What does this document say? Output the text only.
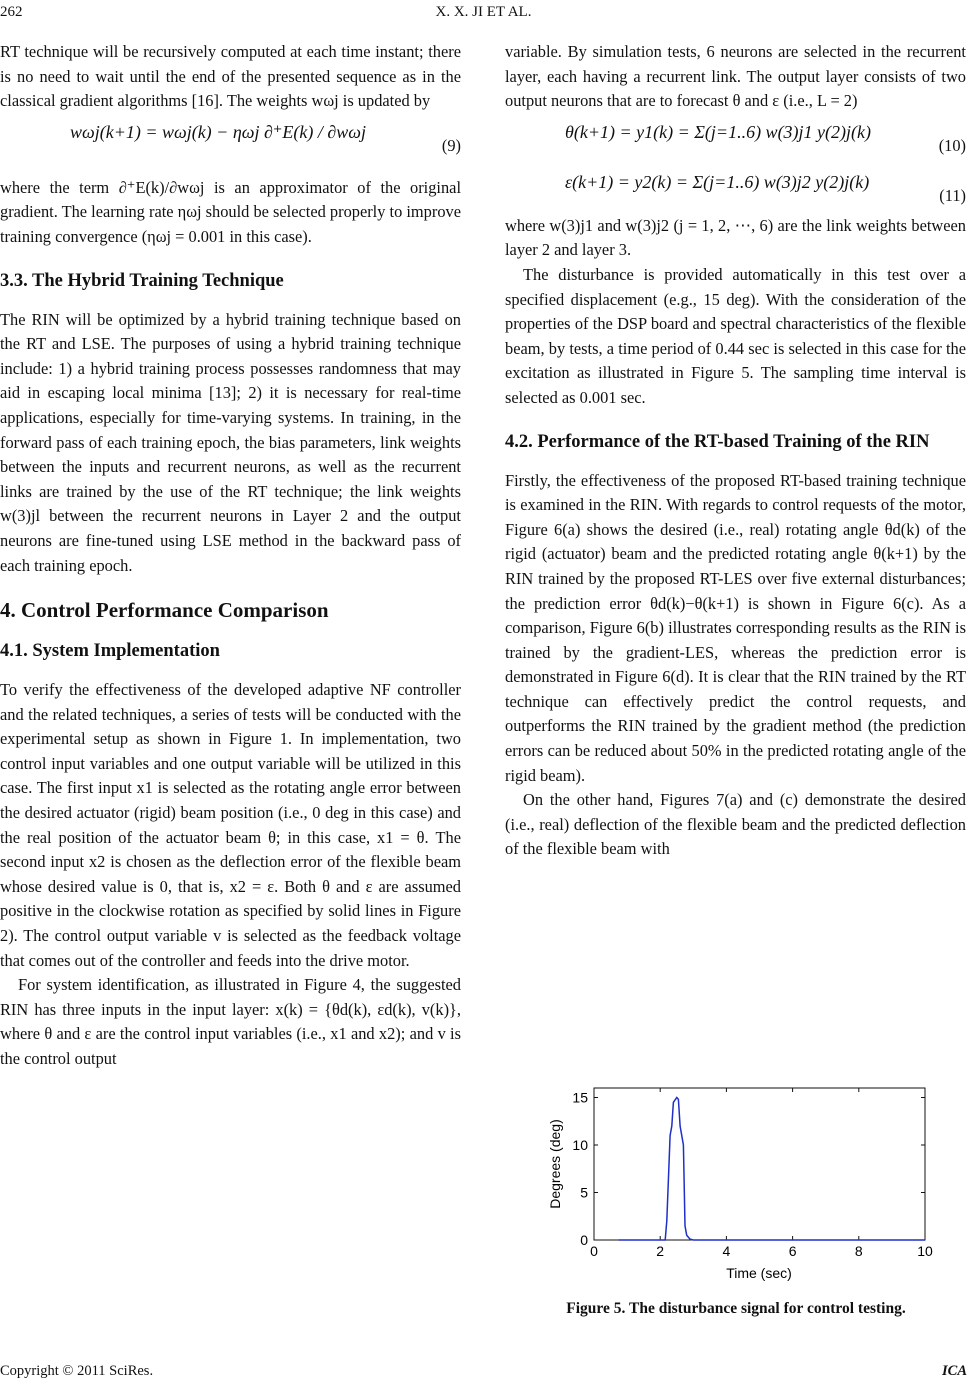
262	X. X. JI ET AL.

RT technique will be recursively computed at each time instant; there is no need to wait until the end of the presented sequence as in the classical gradient algorithms [16]. The weights wωj is updated by

wωj(k+1) = wωj(k) − ηωj ∂⁺E(k) / ∂wωj
(9)

where the term ∂⁺E(k)/∂wωj is an approximator of the original gradient. The learning rate ηωj should be selected properly to improve training convergence (ηωj = 0.001 in this case).

3.3. The Hybrid Training Technique

The RIN will be optimized by a hybrid training technique based on the RT and LSE. The purposes of using a hybrid training technique include: 1) a hybrid training process possesses randomness that may aid in escaping local minima [13]; 2) it is necessary for real-time applications, especially for time-varying systems. In training, in the forward pass of each training epoch, the bias parameters, link weights between the inputs and recurrent neurons, as well as the recurrent links are trained by the use of the RT technique; the link weights w(3)jl between the recurrent neurons in Layer 2 and the output neurons are fine-tuned using LSE method in the backward pass of each training epoch.

4. Control Performance Comparison
4.1. System Implementation

To verify the effectiveness of the developed adaptive NF controller and the related techniques, a series of tests will be conducted with the experimental setup as shown in Figure 1. In implementation, two control input variables and one output variable will be utilized in this case. The first input x1 is selected as the rotating angle error between the desired actuator (rigid) beam position (i.e., 0 deg in this case) and the real position of the actuator beam θ; in this case, x1 = θ. The second input x2 is chosen as the deflection error of the flexible beam whose desired value is 0, that is, x2 = ε. Both θ and ε are assumed positive in the clockwise rotation as specified by solid lines in Figure 2). The control output variable v is selected as the feedback voltage that comes out of the controller and feeds into the drive motor.

For system identification, as illustrated in Figure 4, the suggested RIN has three inputs in the input layer: x(k) = {θd(k), εd(k), v(k)}, where θ and ε are the control input variables (i.e., x1 and x2); and v is the control output

variable. By simulation tests, 6 neurons are selected in the recurrent layer, each having a recurrent link. The output layer consists of two output neurons that are to forecast θ and ε (i.e., L = 2)

θ(k+1) = y1(k) = Σ(j=1..6) w(3)j1 y(2)j(k)
(10)
ε(k+1) = y2(k) = Σ(j=1..6) w(3)j2 y(2)j(k)
(11)

where w(3)j1 and w(3)j2 (j = 1, 2, ⋯, 6) are the link weights between layer 2 and layer 3.

The disturbance is provided automatically in this test over a specified displacement (e.g., 15 deg). With the consideration of the properties of the DSP board and spectral characteristics of the flexible beam, by tests, a time period of 0.44 sec is selected in this case for the excitation as illustrated in Figure 5. The sampling time interval is selected as 0.001 sec.

4.2. Performance of the RT-based Training of the RIN

Firstly, the effectiveness of the proposed RT-based training technique is examined in the RIN. With regards to control requests of the motor, Figure 6(a) shows the desired (i.e., real) rotating angle θd(k) of the rigid (actuator) beam and the predicted rotating angle θ(k+1) by the RIN trained by the proposed RT-LES over five external disturbances; the prediction error θd(k)−θ(k+1) is shown in Figure 6(c). As a comparison, Figure 6(b) illustrates corresponding results as the RIN is trained by the gradient-LES, whereas the prediction error is demonstrated in Figure 6(d). It is clear that the RIN trained by the RT technique can effectively predict the control requests, and outperforms the RIN trained by the gradient method (the prediction errors can be reduced about 50% in the predicted rotating angle of the rigid beam).

On the other hand, Figures 7(a) and (c) demonstrate the desired (i.e., real) deflection of the flexible beam and the predicted deflection of the flexible beam with

0	2	4	6	8	10
0
5
10
15
Time (sec)
Degrees (deg)
Figure 5. The disturbance signal for control testing.
Copyright © 2011 SciRes.	ICA
